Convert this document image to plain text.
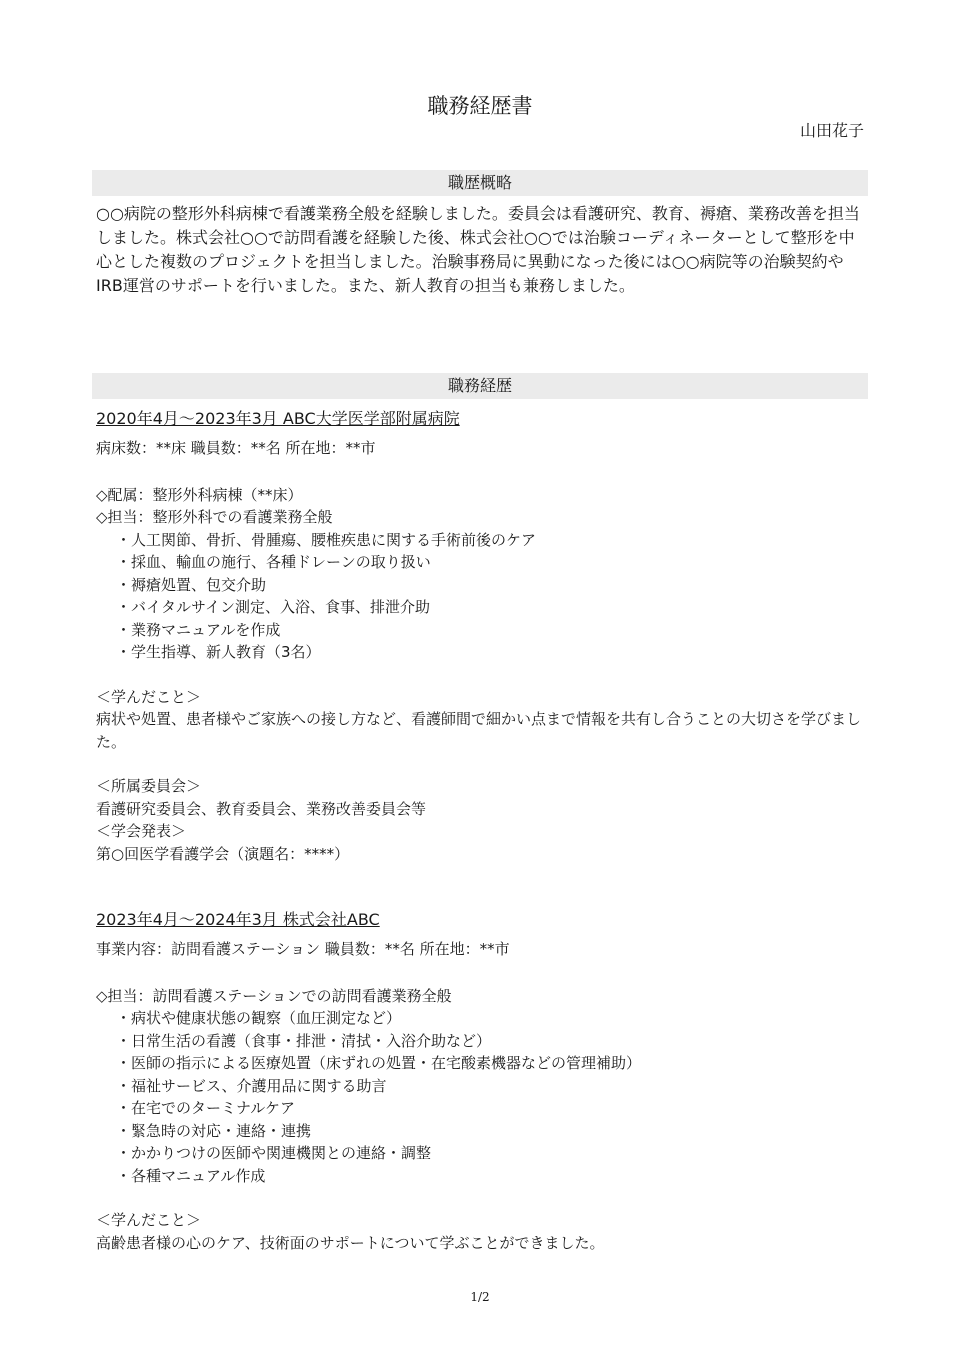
職務経歴書
山田花子
職歴概略

○○病院の整形外科病棟で看護業務全般を経験しました。委員会は看護研究、教育、褥瘡、業務改善を担当しました。株式会社○○で訪問看護を経験した後、株式会社○○では治験コーディネーターとして整形を中心とした複数のプロジェクトを担当しました。治験事務局に異動になった後には○○病院等の治験契約やIRB運営のサポートを行いました。また、新人教育の担当も兼務しました。

職務経歴
2020年4月～2023年3月 ABC大学医学部附属病院
病床数：**床 職員数：**名 所在地：**市
◇配属：整形外科病棟（**床）
◇担当：整形外科での看護業務全般
・人工関節、骨折、骨腫瘍、腰椎疾患に関する手術前後のケア
・採血、輸血の施行、各種ドレーンの取り扱い
・褥瘡処置、包交介助
・バイタルサイン測定、入浴、食事、排泄介助
・業務マニュアルを作成
・学生指導、新人教育（3名）
＜学んだこと＞
病状や処置、患者様やご家族への接し方など、看護師間で細かい点まで情報を共有し合うことの大切さを学びました。
＜所属委員会＞
看護研究委員会、教育委員会、業務改善委員会等
＜学会発表＞
第○回医学看護学会（演題名：****）
2023年4月～2024年3月 株式会社ABC
事業内容：訪問看護ステーション 職員数：**名 所在地：**市
◇担当：訪問看護ステーションでの訪問看護業務全般
・病状や健康状態の観察（血圧測定など）
・日常生活の看護（食事・排泄・清拭・入浴介助など）
・医師の指示による医療処置（床ずれの処置・在宅酸素機器などの管理補助）
・福祉サービス、介護用品に関する助言
・在宅でのターミナルケア
・緊急時の対応・連絡・連携
・かかりつけの医師や関連機関との連絡・調整
・各種マニュアル作成
＜学んだこと＞
高齢患者様の心のケア、技術面のサポートについて学ぶことができました。
1/2
